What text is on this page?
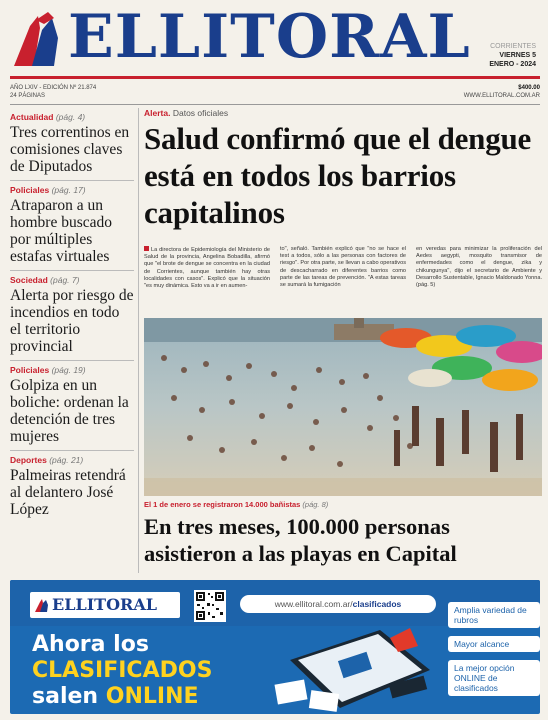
ELLITORAL	CORRIENTES
VIERNES 5
ENERO - 2024
AÑO LXIV - EDICIÓN Nº 21.874
24 PÁGINAS
$400.00
WWW.ELLITORAL.COM.AR
Actualidad (pág. 4)
Tres correntinos en comisiones claves de Diputados
Policiales (pág. 17)
Atraparon a un hombre buscado por múltiples estafas virtuales
Sociedad (pág. 7)
Alerta por riesgo de incendios en todo el territorio provincial
Policiales (pág. 19)
Golpiza en un boliche: ordenan la detención de tres mujeres
Deportes (pág. 21)
Palmeiras retendrá al delantero José López
Alerta. Datos oficiales
Salud confirmó que el dengue está en todos los barrios capitalinos
La directora de Epidemiología del Ministerio de Salud de la provincia, Angelina Bobadilla, afirmó que "el brote de dengue se concentra en la ciudad de Corrientes, aunque también hay otras localidades con casos". Explicó que la situación "es muy dinámica. Esto va a ir en aumen-
to", señaló. También explicó que "no se hace el test a todos, sólo a las personas con factores de riesgo". Por otra parte, se llevan a cabo operativos de descacharrado en diferentes barrios como parte de las tareas de prevención. "A estas tareas se sumará la fumigación
en veredas para minimizar la proliferación del Aedes aegypti, mosquito transmisor de enfermedades como el dengue, zika y chikungunya", dijo el secretario de Ambiente y Desarrollo Sustentable, Ignacio Maldonado Yonna. (pág. 5)
El 1 de enero se registraron 14.000 bañistas (pág. 8)
En tres meses, 100.000 personas asistieron a las playas en Capital
ELLITORAL	www.ellitoral.com.ar/clasificados
Ahora los
CLASIFICADOS
salen ONLINE
Amplia variedad de rubros
Mayor alcance
La mejor opción ONLINE de clasificados
